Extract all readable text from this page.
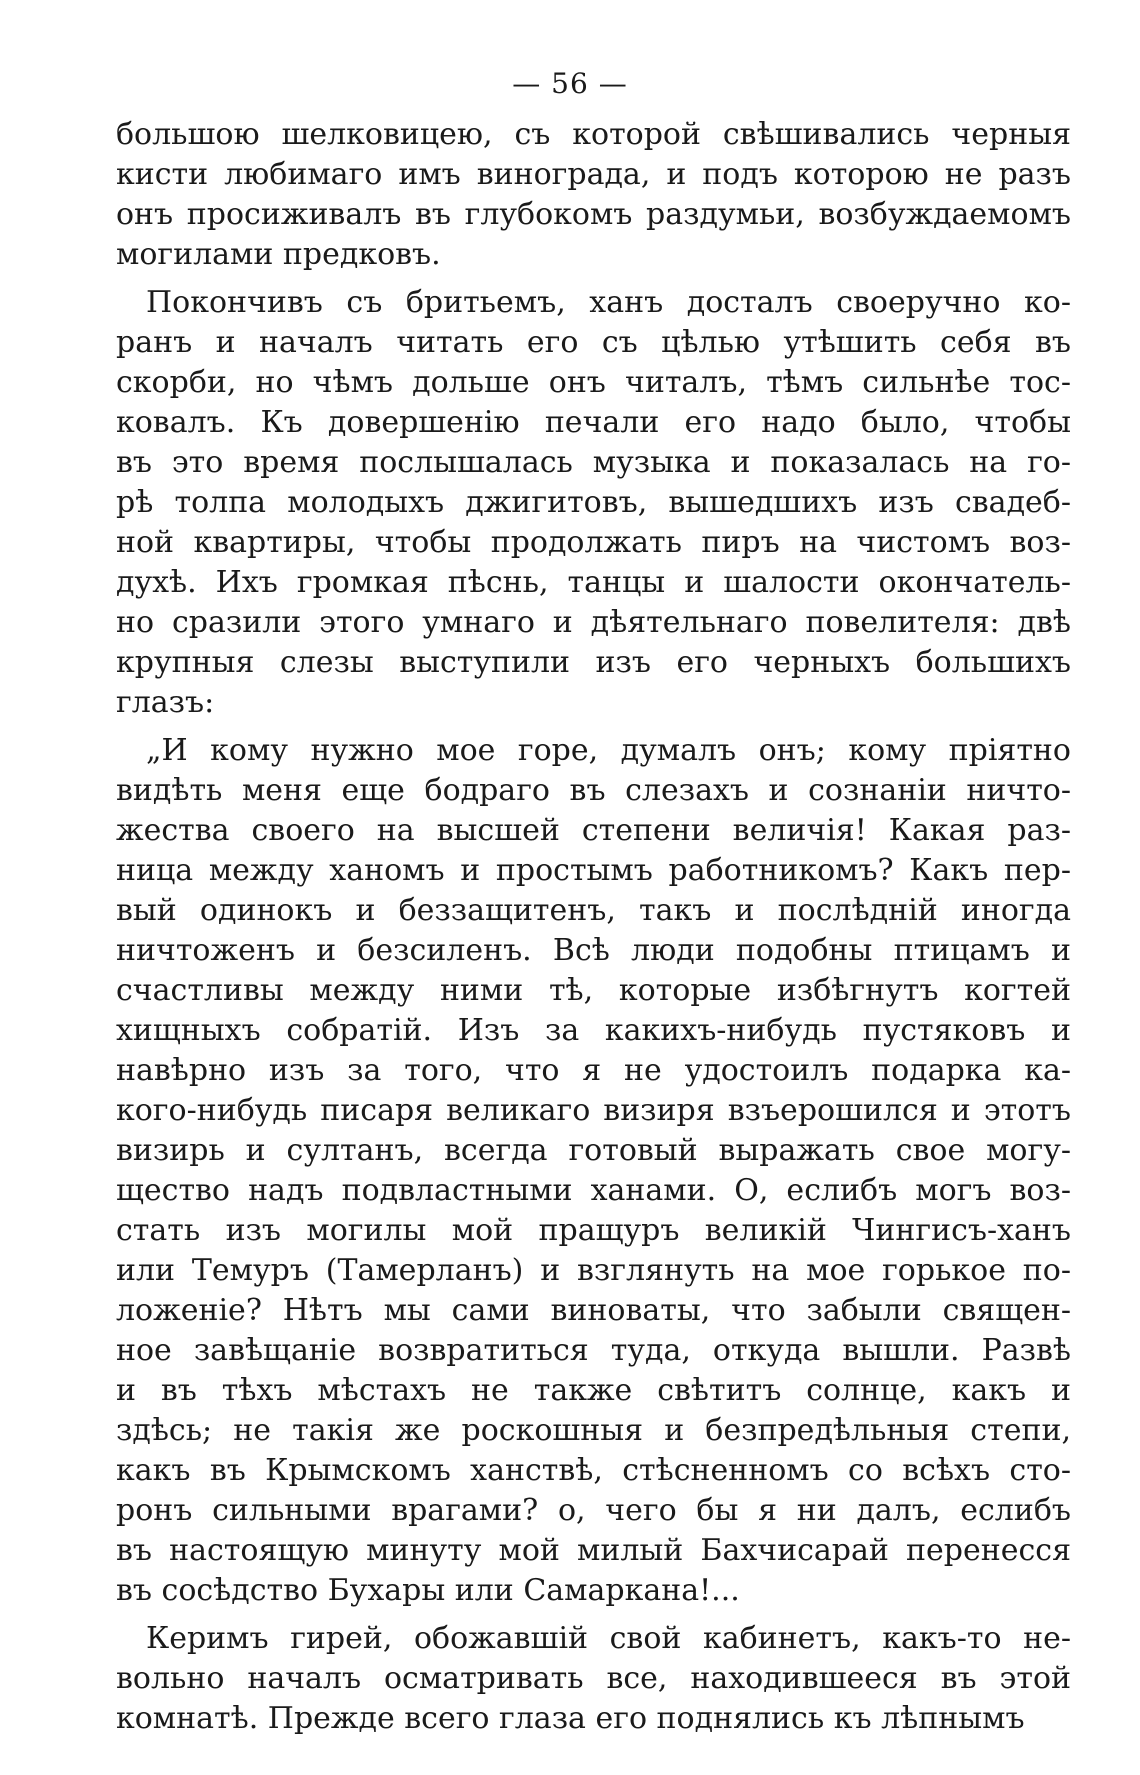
— 56 —
большою шелковицею, съ которой свѣшивались черныя
кисти любимаго имъ винограда, и подъ которою не разъ
онъ просиживалъ въ глубокомъ раздумьи, возбуждаемомъ
могилами предковъ.
Покончивъ съ бритьемъ, ханъ досталъ своеручно ко-
ранъ и началъ читать его съ цѣлью утѣшить себя въ
скорби, но чѣмъ дольше онъ читалъ, тѣмъ сильнѣе тос-
ковалъ. Къ довершенію печали его надо было, чтобы
въ это время послышалась музыка и показалась на го-
рѣ толпа молодыхъ джигитовъ, вышедшихъ изъ свадеб-
ной квартиры, чтобы продолжать пиръ на чистомъ воз-
духѣ. Ихъ громкая пѣснь, танцы и шалости окончатель-
но сразили этого умнаго и дѣятельнаго повелителя: двѣ
крупныя слезы выступили изъ его черныхъ большихъ
глазъ:
„И кому нужно мое горе, думалъ онъ; кому пріятно
видѣть меня еще бодраго въ слезахъ и сознаніи ничто-
жества своего на высшей степени величія! Какая раз-
ница между ханомъ и простымъ работникомъ? Какъ пер-
вый одинокъ и беззащитенъ, такъ и послѣдній иногда
ничтоженъ и безсиленъ. Всѣ люди подобны птицамъ и
счастливы между ними тѣ, которые избѣгнутъ когтей
хищныхъ собратій. Изъ за какихъ-нибудь пустяковъ и
навѣрно изъ за того, что я не удостоилъ подарка ка-
кого-нибудь писаря великаго визиря взъерошился и этотъ
визирь и султанъ, всегда готовый выражать свое могу-
щество надъ подвластными ханами. О, еслибъ могъ воз-
стать изъ могилы мой пращуръ великій Чингисъ-ханъ
или Темуръ (Тамерланъ) и взглянуть на мое горькое по-
ложеніе? Нѣтъ мы сами виноваты, что забыли священ-
ное завѣщаніе возвратиться туда, откуда вышли. Развѣ
и въ тѣхъ мѣстахъ не также свѣтитъ солнце, какъ и
здѣсь; не такія же роскошныя и безпредѣльныя степи,
какъ въ Крымскомъ ханствѣ, стѣсненномъ со всѣхъ сто-
ронъ сильными врагами? о, чего бы я ни далъ, еслибъ
въ настоящую минуту мой милый Бахчисарай перенесся
въ сосѣдство Бухары или Самаркана!...
Керимъ гирей, обожавшій свой кабинетъ, какъ-то не-
вольно началъ осматривать все, находившееся въ этой
комнатѣ. Прежде всего глаза его поднялись къ лѣпнымъ
